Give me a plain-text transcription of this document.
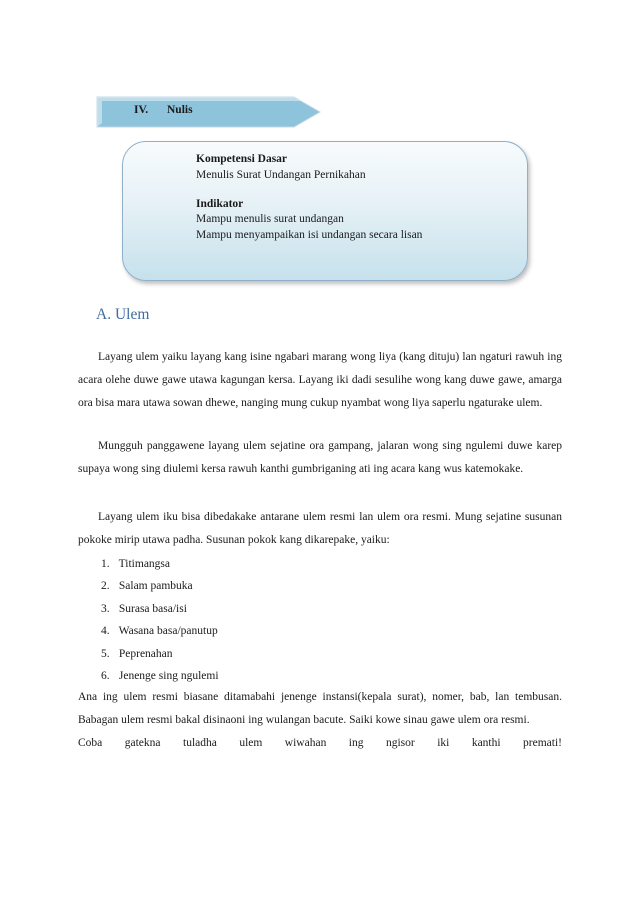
IV. Nulis
Kompetensi Dasar
Menulis Surat Undangan Pernikahan
Indikator
Mampu menulis surat undangan
Mampu menyampaikan isi undangan secara lisan
A. Ulem

Layang ulem yaiku layang kang isine ngabari marang wong liya (kang dituju) lan ngaturi rawuh ing acara olehe duwe gawe utawa kagungan kersa. Layang iki dadi sesulihe wong kang duwe gawe, amarga ora bisa mara utawa sowan dhewe, nanging mung cukup nyambat wong liya saperlu ngaturake ulem.

Mungguh panggawene layang ulem sejatine ora gampang, jalaran wong sing ngulemi duwe karep supaya wong sing diulemi kersa rawuh kanthi gumbriganing ati ing acara kang wus katemokake.

Layang ulem iku bisa dibedakake antarane ulem resmi lan ulem ora resmi. Mung sejatine susunan pokoke mirip utawa padha. Susunan pokok kang dikarepake, yaiku:

1. Titimangsa
2. Salam pambuka
3. Surasa basa/isi
4. Wasana basa/panutup
5. Peprenahan
6. Jenenge sing ngulemi

Ana ing ulem resmi biasane ditamabahi jenenge instansi(kepala surat), nomer, bab, lan tembusan. Babagan ulem resmi bakal disinaoni ing wulangan bacute. Saiki kowe sinau gawe ulem ora resmi.

Coba gatekna tuladha ulem wiwahan ing ngisor iki kanthi premati!
